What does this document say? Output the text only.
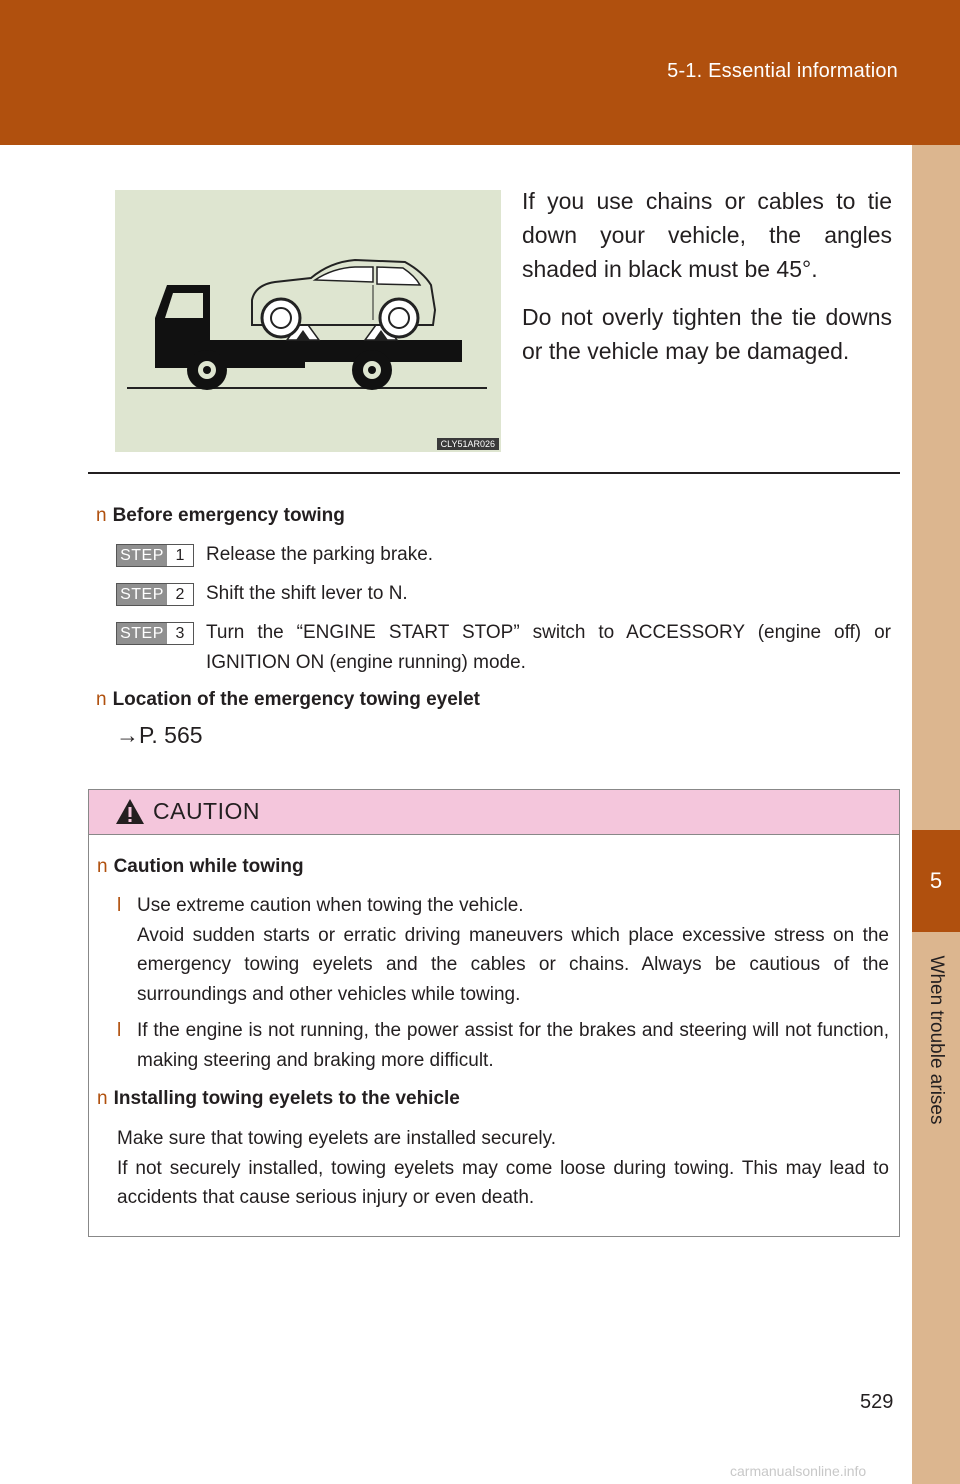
5-1. Essential information
5
When trouble arises
CLY51AR026

If you use chains or cables to tie down your vehicle, the angles shaded in black must be 45°.

Do not overly tighten the tie downs or the vehicle may be damaged.

n Before emergency towing
STEP 1	Release the parking brake.
STEP 2	Shift the shift lever to N.
STEP 3	Turn the “ENGINE START STOP” switch to ACCESSORY (engine off) or IGNITION ON (engine running) mode.
n Location of the emergency towing eyelet
→P. 565
CAUTION
n Caution while towing
l Use extreme caution when towing the vehicle.
Avoid sudden starts or erratic driving maneuvers which place excessive stress on the emergency towing eyelets and the cables or chains. Always be cautious of the surroundings and other vehicles while towing.
l If the engine is not running, the power assist for the brakes and steering will not function, making steering and braking more difficult.
n Installing towing eyelets to the vehicle
Make sure that towing eyelets are installed securely.
If not securely installed, towing eyelets may come loose during towing. This may lead to accidents that cause serious injury or even death.
529
carmanualsonline.info
